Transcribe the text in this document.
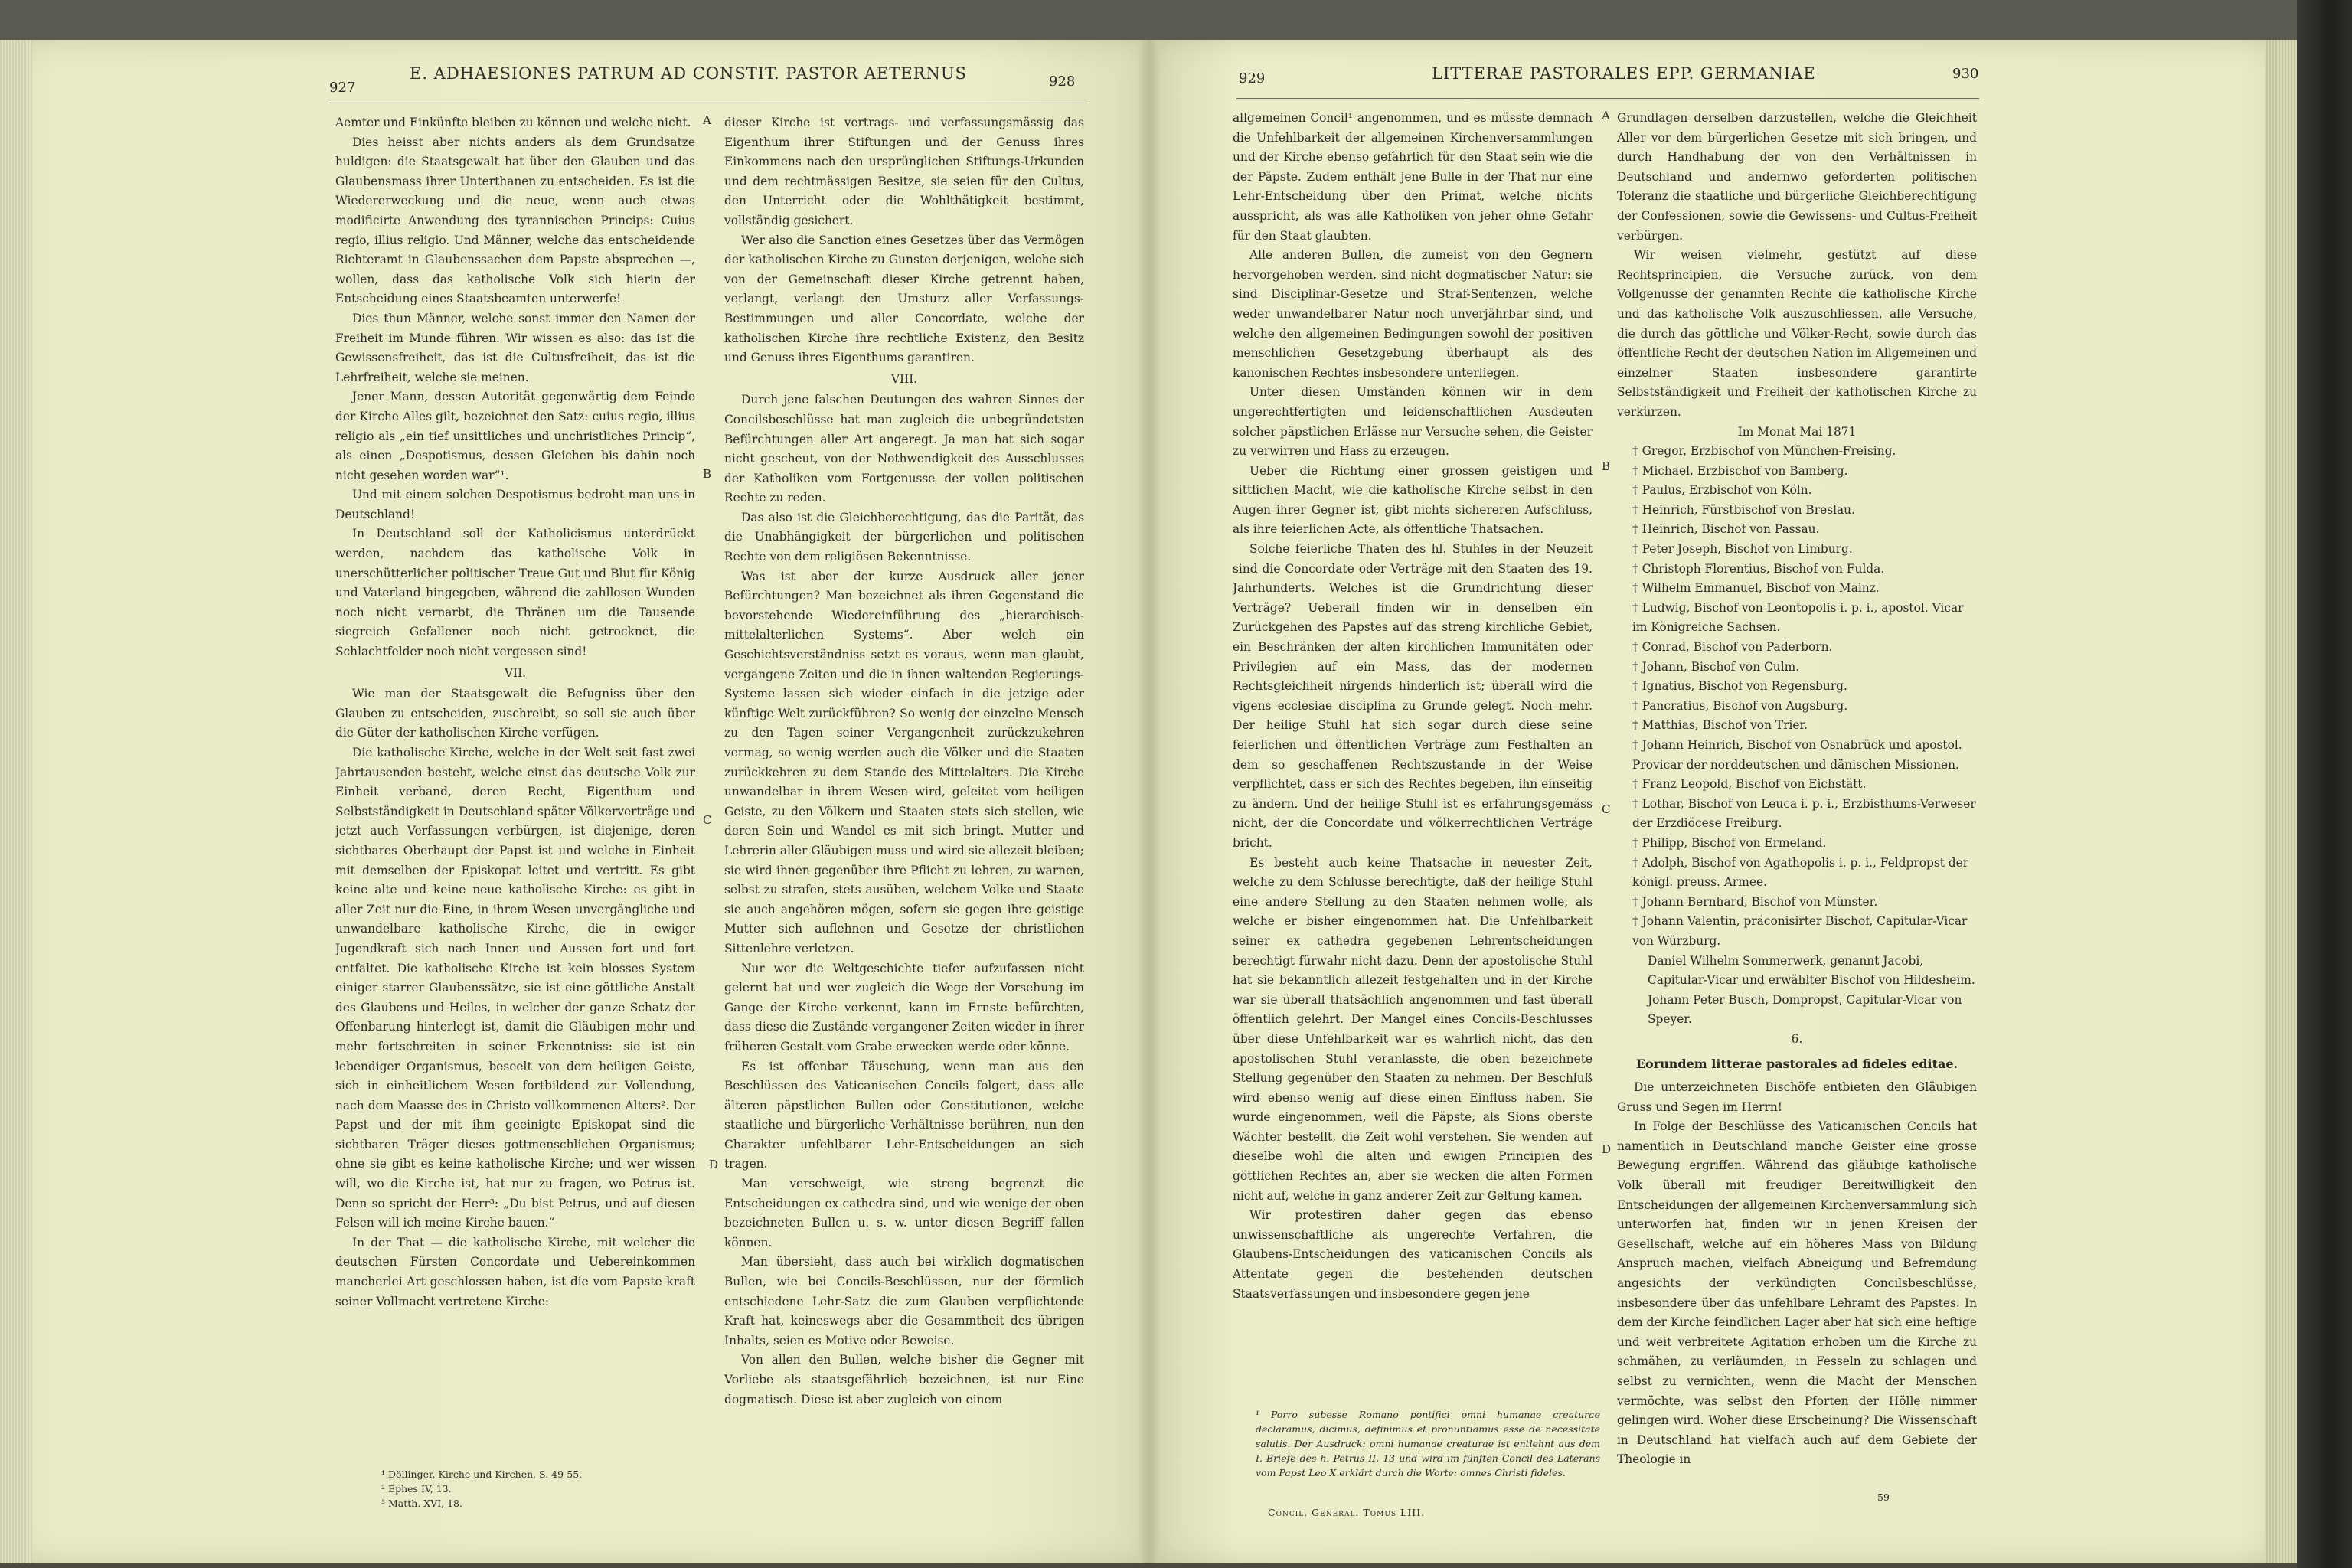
927
E. ADHAESIONES PATRUM AD CONSTIT. PASTOR AETERNUS	928

Aemter und Einkünfte bleiben zu können und welche nicht.

Dies heisst aber nichts anders als dem Grundsatze huldigen: die Staatsgewalt hat über den Glauben und das Glaubensmass ihrer Unterthanen zu entscheiden. Es ist die Wiedererweckung und die neue, wenn auch etwas modificirte Anwendung des tyrannischen Princips: Cuius regio, illius religio. Und Männer, welche das entscheidende Richteramt in Glaubenssachen dem Papste absprechen —, wollen, dass das katholische Volk sich hierin der Entscheidung eines Staatsbeamten unterwerfe!

Dies thun Männer, welche sonst immer den Namen der Freiheit im Munde führen. Wir wissen es also: das ist die Gewissensfreiheit, das ist die Cultusfreiheit, das ist die Lehrfreiheit, welche sie meinen.

Jener Mann, dessen Autorität gegenwärtig dem Feinde der Kirche Alles gilt, bezeichnet den Satz: cuius regio, illius religio als „ein tief unsittliches und unchristliches Princip“, als einen „Despotismus, dessen Gleichen bis dahin noch nicht gesehen worden war“¹.

Und mit einem solchen Despotismus bedroht man uns in Deutschland!

In Deutschland soll der Katholicismus unterdrückt werden, nachdem das katholische Volk in unerschütterlicher politischer Treue Gut und Blut für König und Vaterland hingegeben, während die zahllosen Wunden noch nicht vernarbt, die Thränen um die Tausende siegreich Gefallener noch nicht getrocknet, die Schlachtfelder noch nicht vergessen sind!

VII.

Wie man der Staatsgewalt die Befugniss über den Glauben zu entscheiden, zuschreibt, so soll sie auch über die Güter der katholischen Kirche verfügen.

Die katholische Kirche, welche in der Welt seit fast zwei Jahrtausenden besteht, welche einst das deutsche Volk zur Einheit verband, deren Recht, Eigenthum und Selbstständigkeit in Deutschland später Völkerverträge und jetzt auch Verfassungen verbürgen, ist diejenige, deren sichtbares Oberhaupt der Papst ist und welche in Einheit mit demselben der Episkopat leitet und vertritt. Es gibt keine alte und keine neue katholische Kirche: es gibt in aller Zeit nur die Eine, in ihrem Wesen unvergängliche und unwandelbare katholische Kirche, die in ewiger Jugendkraft sich nach Innen und Aussen fort und fort entfaltet. Die katholische Kirche ist kein blosses System einiger starrer Glaubenssätze, sie ist eine göttliche Anstalt des Glaubens und Heiles, in welcher der ganze Schatz der Offenbarung hinterlegt ist, damit die Gläubigen mehr und mehr fortschreiten in seiner Erkenntniss: sie ist ein lebendiger Organismus, beseelt von dem heiligen Geiste, sich in einheitlichem Wesen fortbildend zur Vollendung, nach dem Maasse des in Christo vollkommenen Alters². Der Papst und der mit ihm geeinigte Episkopat sind die sichtbaren Träger dieses gottmenschlichen Organismus; ohne sie gibt es keine katholische Kirche; und wer wissen will, wo die Kirche ist, hat nur zu fragen, wo Petrus ist. Denn so spricht der Herr³: „Du bist Petrus, und auf diesen Felsen will ich meine Kirche bauen.“

In der That — die katholische Kirche, mit welcher die deutschen Fürsten Concordate und Uebereinkommen mancherlei Art geschlossen haben, ist die vom Papste kraft seiner Vollmacht vertretene Kirche:

dieser Kirche ist vertrags- und verfassungsmässig das Eigenthum ihrer Stiftungen und der Genuss ihres Einkommens nach den ursprünglichen Stiftungs-Urkunden und dem rechtmässigen Besitze, sie seien für den Cultus, den Unterricht oder die Wohlthätigkeit bestimmt, vollständig gesichert.

Wer also die Sanction eines Gesetzes über das Vermögen der katholischen Kirche zu Gunsten derjenigen, welche sich von der Gemeinschaft dieser Kirche getrennt haben, verlangt, verlangt den Umsturz aller Verfassungs-Bestimmungen und aller Concordate, welche der katholischen Kirche ihre rechtliche Existenz, den Besitz und Genuss ihres Eigenthums garantiren.

VIII.

Durch jene falschen Deutungen des wahren Sinnes der Concilsbeschlüsse hat man zugleich die unbegründetsten Befürchtungen aller Art angeregt. Ja man hat sich sogar nicht gescheut, von der Nothwendigkeit des Ausschlusses der Katholiken vom Fortgenusse der vollen politischen Rechte zu reden.

Das also ist die Gleichberechtigung, das die Parität, das die Unabhängigkeit der bürgerlichen und politischen Rechte von dem religiösen Bekenntnisse.

Was ist aber der kurze Ausdruck aller jener Befürchtungen? Man bezeichnet als ihren Gegenstand die bevorstehende Wiedereinführung des „hierarchisch-mittelalterlichen Systems“. Aber welch ein Geschichtsverständniss setzt es voraus, wenn man glaubt, vergangene Zeiten und die in ihnen waltenden Regierungs-Systeme lassen sich wieder einfach in die jetzige oder künftige Welt zurückführen? So wenig der einzelne Mensch zu den Tagen seiner Vergangenheit zurückzukehren vermag, so wenig werden auch die Völker und die Staaten zurückkehren zu dem Stande des Mittelalters. Die Kirche unwandelbar in ihrem Wesen wird, geleitet vom heiligen Geiste, zu den Völkern und Staaten stets sich stellen, wie deren Sein und Wandel es mit sich bringt. Mutter und Lehrerin aller Gläubigen muss und wird sie allezeit bleiben; sie wird ihnen gegenüber ihre Pflicht zu lehren, zu warnen, selbst zu strafen, stets ausüben, welchem Volke und Staate sie auch angehören mögen, sofern sie gegen ihre geistige Mutter sich auflehnen und Gesetze der christlichen Sittenlehre verletzen.

Nur wer die Weltgeschichte tiefer aufzufassen nicht gelernt hat und wer zugleich die Wege der Vorsehung im Gange der Kirche verkennt, kann im Ernste befürchten, dass diese die Zustände vergangener Zeiten wieder in ihrer früheren Gestalt vom Grabe erwecken werde oder könne.

Es ist offenbar Täuschung, wenn man aus den Beschlüssen des Vaticanischen Concils folgert, dass alle älteren päpstlichen Bullen oder Constitutionen, welche staatliche und bürgerliche Verhältnisse berühren, nun den Charakter unfehlbarer Lehr-Entscheidungen an sich tragen.

Man verschweigt, wie streng begrenzt die Entscheidungen ex cathedra sind, und wie wenige der oben bezeichneten Bullen u. s. w. unter diesen Begriff fallen können.

Man übersieht, dass auch bei wirklich dogmatischen Bullen, wie bei Concils-Beschlüssen, nur der förmlich entschiedene Lehr-Satz die zum Glauben verpflichtende Kraft hat, keineswegs aber die Gesammtheit des übrigen Inhalts, seien es Motive oder Beweise.

Von allen den Bullen, welche bisher die Gegner mit Vorliebe als staatsgefährlich bezeichnen, ist nur Eine dogmatisch. Diese ist aber zugleich von einem

A
B
C
D
¹ Döllinger, Kirche und Kirchen, S. 49-55.
² Ephes IV, 13.
³ Matth. XVI, 18.
929	LITTERAE PASTORALES EPP. GERMANIAE	930

allgemeinen Concil¹ angenommen, und es müsste demnach die Unfehlbarkeit der allgemeinen Kirchenversammlungen und der Kirche ebenso gefährlich für den Staat sein wie die der Päpste. Zudem enthält jene Bulle in der That nur eine Lehr-Entscheidung über den Primat, welche nichts ausspricht, als was alle Katholiken von jeher ohne Gefahr für den Staat glaubten.

Alle anderen Bullen, die zumeist von den Gegnern hervorgehoben werden, sind nicht dogmatischer Natur: sie sind Disciplinar-Gesetze und Straf-Sentenzen, welche weder unwandelbarer Natur noch unverjährbar sind, und welche den allgemeinen Bedingungen sowohl der positiven menschlichen Gesetzgebung überhaupt als des kanonischen Rechtes insbesondere unterliegen.

Unter diesen Umständen können wir in dem ungerechtfertigten und leidenschaftlichen Ausdeuten solcher päpstlichen Erlässe nur Versuche sehen, die Geister zu verwirren und Hass zu erzeugen.

Ueber die Richtung einer grossen geistigen und sittlichen Macht, wie die katholische Kirche selbst in den Augen ihrer Gegner ist, gibt nichts sichereren Aufschluss, als ihre feierlichen Acte, als öffentliche Thatsachen.

Solche feierliche Thaten des hl. Stuhles in der Neuzeit sind die Concordate oder Verträge mit den Staaten des 19. Jahrhunderts. Welches ist die Grundrichtung dieser Verträge? Ueberall finden wir in denselben ein Zurückgehen des Papstes auf das streng kirchliche Gebiet, ein Beschränken der alten kirchlichen Immunitäten oder Privilegien auf ein Mass, das der modernen Rechtsgleichheit nirgends hinderlich ist; überall wird die vigens ecclesiae disciplina zu Grunde gelegt. Noch mehr. Der heilige Stuhl hat sich sogar durch diese seine feierlichen und öffentlichen Verträge zum Festhalten an dem so geschaffenen Rechtszustande in der Weise verpflichtet, dass er sich des Rechtes begeben, ihn einseitig zu ändern. Und der heilige Stuhl ist es erfahrungsgemäss nicht, der die Concordate und völkerrechtlichen Verträge bricht.

Es besteht auch keine Thatsache in neuester Zeit, welche zu dem Schlusse berechtigte, daß der heilige Stuhl eine andere Stellung zu den Staaten nehmen wolle, als welche er bisher eingenommen hat. Die Unfehlbarkeit seiner ex cathedra gegebenen Lehrentscheidungen berechtigt fürwahr nicht dazu. Denn der apostolische Stuhl hat sie bekanntlich allezeit festgehalten und in der Kirche war sie überall thatsächlich angenommen und fast überall öffentlich gelehrt. Der Mangel eines Concils-Beschlusses über diese Unfehlbarkeit war es wahrlich nicht, das den apostolischen Stuhl veranlasste, die oben bezeichnete Stellung gegenüber den Staaten zu nehmen. Der Beschluß wird ebenso wenig auf diese einen Einfluss haben. Sie wurde eingenommen, weil die Päpste, als Sions oberste Wächter bestellt, die Zeit wohl verstehen. Sie wenden auf dieselbe wohl die alten und ewigen Principien des göttlichen Rechtes an, aber sie wecken die alten Formen nicht auf, welche in ganz anderer Zeit zur Geltung kamen.

Wir protestiren daher gegen das ebenso unwissenschaftliche als ungerechte Verfahren, die Glaubens-Entscheidungen des vaticanischen Concils als Attentate gegen die bestehenden deutschen Staatsverfassungen und insbesondere gegen jene

Grundlagen derselben darzustellen, welche die Gleichheit Aller vor dem bürgerlichen Gesetze mit sich bringen, und durch Handhabung der von den Verhältnissen in Deutschland und andernwo geforderten politischen Toleranz die staatliche und bürgerliche Gleichberechtigung der Confessionen, sowie die Gewissens- und Cultus-Freiheit verbürgen.

Wir weisen vielmehr, gestützt auf diese Rechtsprincipien, die Versuche zurück, von dem Vollgenusse der genannten Rechte die katholische Kirche und das katholische Volk auszuschliessen, alle Versuche, die durch das göttliche und Völker-Recht, sowie durch das öffentliche Recht der deutschen Nation im Allgemeinen und einzelner Staaten insbesondere garantirte Selbstständigkeit und Freiheit der katholischen Kirche zu verkürzen.

Im Monat Mai 1871

† Gregor, Erzbischof von München-Freising.
† Michael, Erzbischof von Bamberg.
† Paulus, Erzbischof von Köln.
† Heinrich, Fürstbischof von Breslau.
† Heinrich, Bischof von Passau.
† Peter Joseph, Bischof von Limburg.
† Christoph Florentius, Bischof von Fulda.
† Wilhelm Emmanuel, Bischof von Mainz.
† Ludwig, Bischof von Leontopolis i. p. i., apostol. Vicar im Königreiche Sachsen.
† Conrad, Bischof von Paderborn.
† Johann, Bischof von Culm.
† Ignatius, Bischof von Regensburg.
† Pancratius, Bischof von Augsburg.
† Matthias, Bischof von Trier.
† Johann Heinrich, Bischof von Osnabrück und apostol. Provicar der norddeutschen und dänischen Missionen.
† Franz Leopold, Bischof von Eichstätt.
† Lothar, Bischof von Leuca i. p. i., Erzbisthums-Verweser der Erzdiöcese Freiburg.
† Philipp, Bischof von Ermeland.
† Adolph, Bischof von Agathopolis i. p. i., Feldpropst der königl. preuss. Armee.
† Johann Bernhard, Bischof von Münster.
† Johann Valentin, präconisirter Bischof, Capitular-Vicar von Würzburg.
Daniel Wilhelm Sommerwerk, genannt Jacobi, Capitular-Vicar und erwählter Bischof von Hildesheim.
Johann Peter Busch, Dompropst, Capitular-Vicar von Speyer.

6.

Eorundem litterae pastorales ad fideles editae.

Die unterzeichneten Bischöfe entbieten den Gläubigen Gruss und Segen im Herrn!

In Folge der Beschlüsse des Vaticanischen Concils hat namentlich in Deutschland manche Geister eine grosse Bewegung ergriffen. Während das gläubige katholische Volk überall mit freudiger Bereitwilligkeit den Entscheidungen der allgemeinen Kirchenversammlung sich unterworfen hat, finden wir in jenen Kreisen der Gesellschaft, welche auf ein höheres Mass von Bildung Anspruch machen, vielfach Abneigung und Befremdung angesichts der verkündigten Concilsbeschlüsse, insbesondere über das unfehlbare Lehramt des Papstes. In dem der Kirche feindlichen Lager aber hat sich eine heftige und weit verbreitete Agitation erhoben um die Kirche zu schmähen, zu verläumden, in Fesseln zu schlagen und selbst zu vernichten, wenn die Macht der Menschen vermöchte, was selbst den Pforten der Hölle nimmer gelingen wird. Woher diese Erscheinung? Die Wissenschaft in Deutschland hat vielfach auch auf dem Gebiete der Theologie in

A
B
C
D
¹ Porro subesse Romano pontifici omni humanae creaturae declaramus, dicimus, definimus et pronuntiamus esse de necessitate salutis. Der Ausdruck: omni humanae creaturae ist entlehnt aus dem I. Briefe des h. Petrus II, 13 und wird im fünften Concil des Laterans vom Papst Leo X erklärt durch die Worte: omnes Christi fideles.
Concil. General. Tomus LIII.
59
